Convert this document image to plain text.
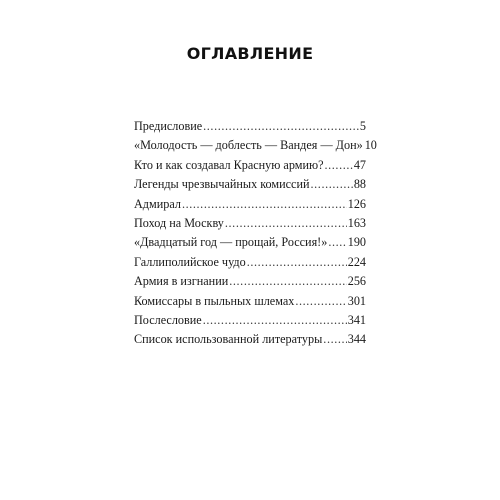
ОГЛАВЛЕНИЕ
Предисловие .....	5
«Молодость — доблесть — Вандея — Дон» 10
Кто и как создавал Красную армию? ..... 47
Легенды чрезвычайных комиссий .....	88
Адмирал .....	126
Поход на Москву .....	163
«Двадцатый год — прощай, Россия!» ..... 190
Галлиполийское чудо .....	224
Армия в изгнании .....	256
Комиссары в пыльных шлемах .....	301
Послесловие .....	341
Список использованной литературы ..... 344
